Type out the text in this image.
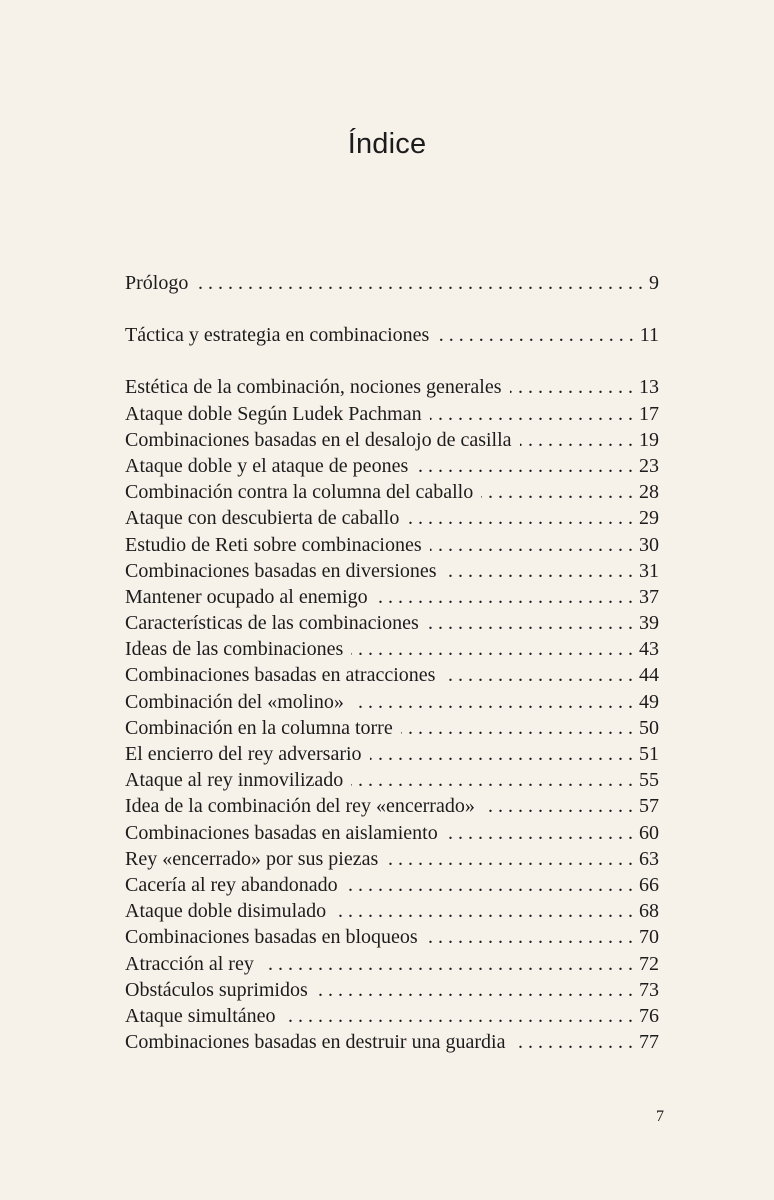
Índice
Prólogo . . .	9
Táctica y estrategia en combinaciones . . .	11
Estética de la combinación, nociones generales . . .	13
Ataque doble Según Ludek Pachman . . .	17
Combinaciones basadas en el desalojo de casilla . . .	19
Ataque doble y el ataque de peones . . .	23
Combinación contra la columna del caballo . . .	28
Ataque con descubierta de caballo . . .	29
Estudio de Reti sobre combinaciones . . .	30
Combinaciones basadas en diversiones . . .	31
Mantener ocupado al enemigo . . .	37
Características de las combinaciones . . .	39
Ideas de las combinaciones . . .	43
Combinaciones basadas en atracciones . . .	44
Combinación del «molino» . . .	49
Combinación en la columna torre . . .	50
El encierro del rey adversario . . .	51
Ataque al rey inmovilizado . . .	55
Idea de la combinación del rey «encerrado» . . .	57
Combinaciones basadas en aislamiento . . .	60
Rey «encerrado» por sus piezas . . .	63
Cacería al rey abandonado . . .	66
Ataque doble disimulado . . .	68
Combinaciones basadas en bloqueos . . .	70
Atracción al rey . . .	72
Obstáculos suprimidos . . .	73
Ataque simultáneo . . .	76
Combinaciones basadas en destruir una guardia . . .	77
7
